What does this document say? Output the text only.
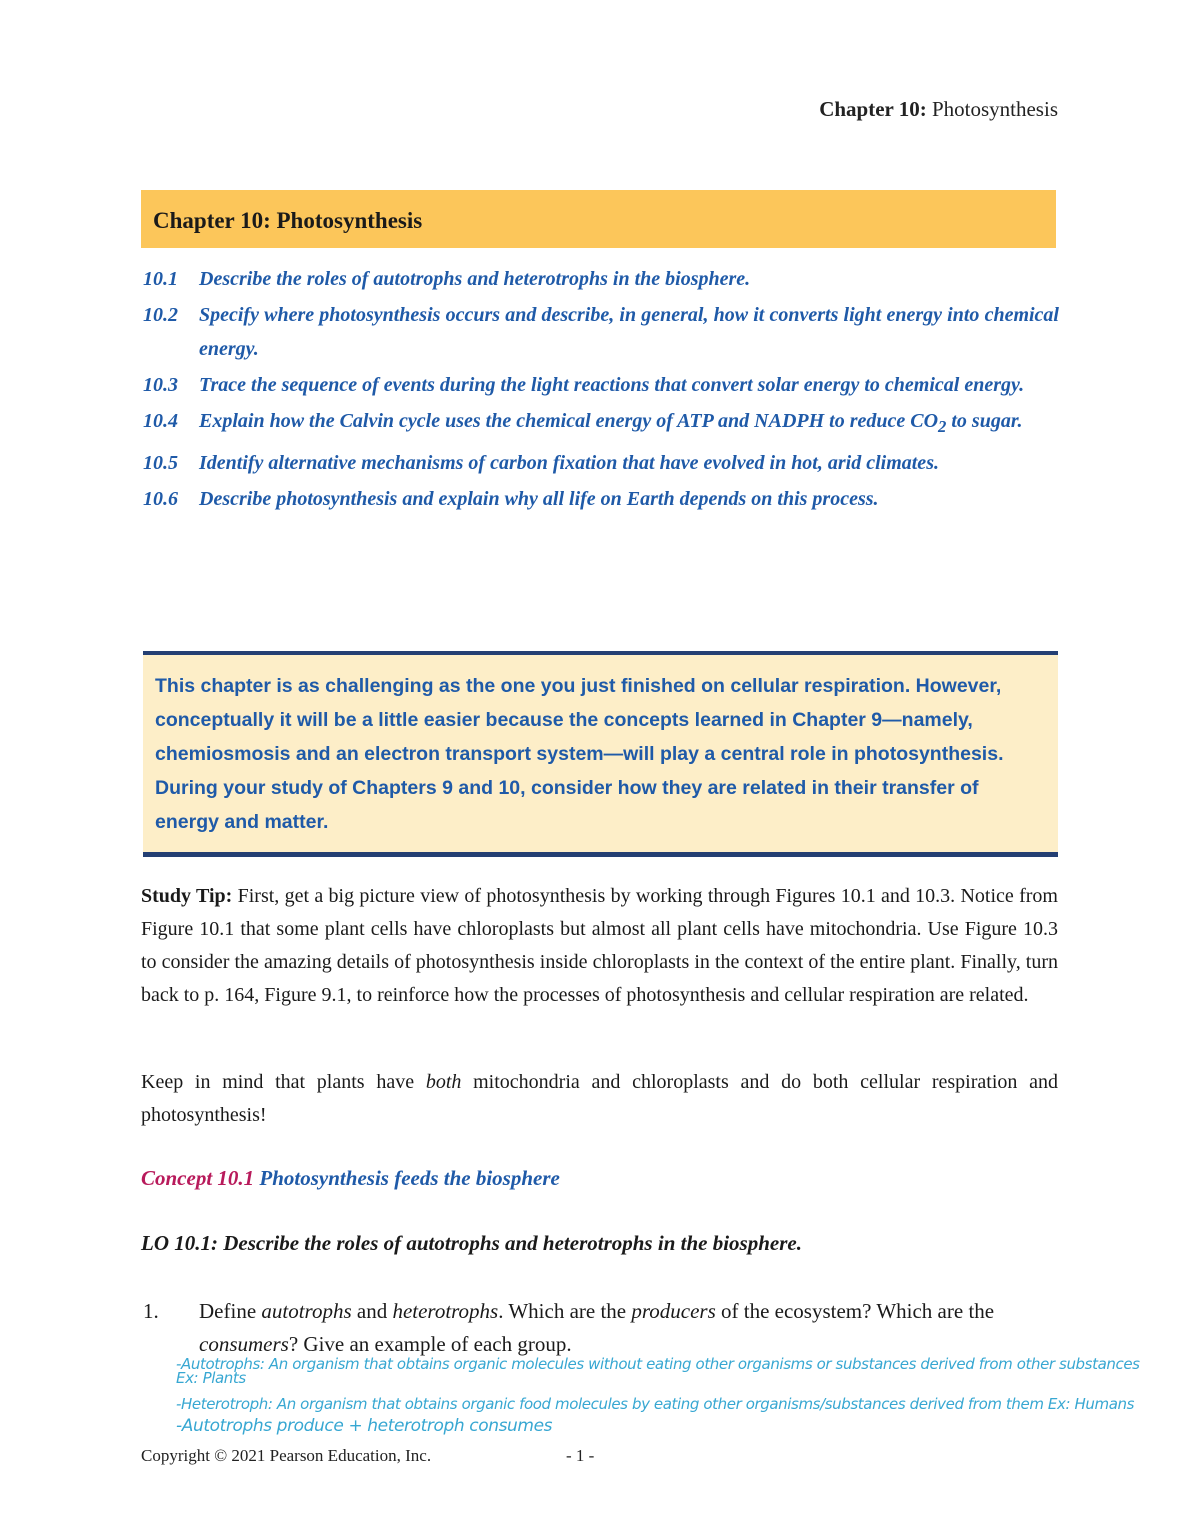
Chapter 10: Photosynthesis
Chapter 10: Photosynthesis
10.1	Describe the roles of autotrophs and heterotrophs in the biosphere.
10.2	Specify where photosynthesis occurs and describe, in general, how it converts light energy into chemical energy.
10.3	Trace the sequence of events during the light reactions that convert solar energy to chemical energy.
10.4	Explain how the Calvin cycle uses the chemical energy of ATP and NADPH to reduce $CO_2$ to sugar.
10.5	Identify alternative mechanisms of carbon fixation that have evolved in hot, arid climates.
10.6	Describe photosynthesis and explain why all life on Earth depends on this process.
This chapter is as challenging as the one you just finished on cellular respiration. However, conceptually it will be a little easier because the concepts learned in Chapter 9—namely, chemiosmosis and an electron transport system—will play a central role in photosynthesis. During your study of Chapters 9 and 10, consider how they are related in their transfer of energy and matter.
Study Tip: First, get a big picture view of photosynthesis by working through Figures 10.1 and 10.3. Notice from Figure 10.1 that some plant cells have chloroplasts but almost all plant cells have mitochondria. Use Figure 10.3 to consider the amazing details of photosynthesis inside chloroplasts in the context of the entire plant. Finally, turn back to p. 164, Figure 9.1, to reinforce how the processes of photosynthesis and cellular respiration are related.
Keep in mind that plants have both mitochondria and chloroplasts and do both cellular respiration and photosynthesis!
Concept 10.1 Photosynthesis feeds the biosphere
LO 10.1: Describe the roles of autotrophs and heterotrophs in the biosphere.
1.	Define autotrophs and heterotrophs. Which are the producers of the ecosystem? Which are the consumers? Give an example of each group.
-Autotrophs: An organism that obtains organic molecules without eating other organisms or substances derived from other substances
Ex: Plants
-Heterotroph: An organism that obtains organic food molecules by eating other organisms/substances derived from them Ex: Humans
-Autotrophs produce + heterotroph consumes
Copyright © 2021 Pearson Education, Inc.	- 1 -
